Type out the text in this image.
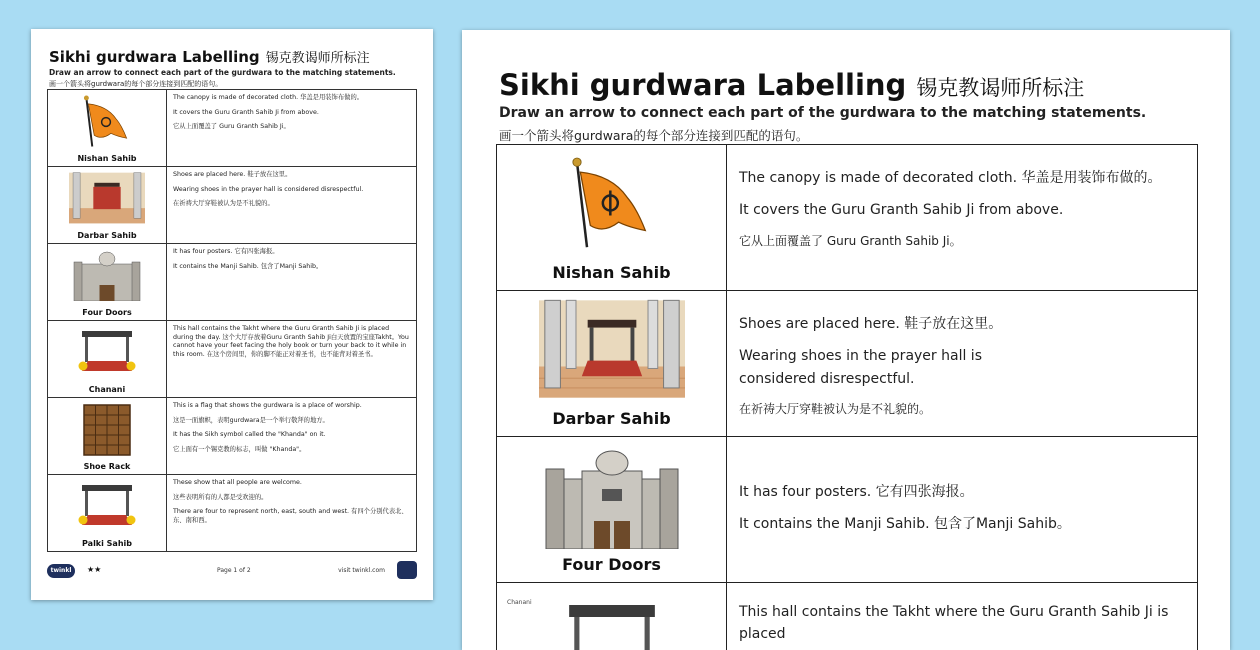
Sikhi gurdwara Labelling 锡克教谒师所标注
Draw an arrow to connect each part of the gurdwara to the matching statements.
画一个箭头将gurdwara的每个部分连接到匹配的语句。
Nishan Sahib	The canopy is made of decorated cloth. 华盖是用装饰布做的。

It covers the Guru Granth Sahib Ji from above.

它从上面覆盖了 Guru Granth Sahib Ji。

Darbar Sahib	Shoes are placed here. 鞋子放在这里。

Wearing shoes in the prayer hall is considered disrespectful.

在祈祷大厅穿鞋被认为是不礼貌的。

Four Doors	It has four posters. 它有四张海报。

It contains the Manji Sahib. 包含了Manji Sahib。

Chanani	This hall contains the Takht where the Guru Granth Sahib Ji is placed during the day. 这个大厅存放着Guru Granth Sahib Ji白天放置的宝座Takht。You cannot have your feet facing the holy book or turn your back to it while in this room. 在这个房间里，你的脚不能正对着圣书，也不能背对着圣书。

Shoe Rack	This is a flag that shows the gurdwara is a place of worship.

这是一面旗帜，表明gurdwara是一个举行敬拜的地方。

It has the Sikh symbol called the "Khanda" on it.

它上面有一个锡克教的标志，叫做 "Khanda"。

Palki Sahib	These show that all people are welcome.

这些表明所有的人都是受欢迎的。

There are four to represent north, east, south and west. 有四个分别代表北、东、南和西。

twinkl	★★	Page 1 of 2	visit twinkl.com
Sikhi gurdwara Labelling 锡克教谒师所标注
Draw an arrow to connect each part of the gurdwara to the matching statements.
画一个箭头将gurdwara的每个部分连接到匹配的语句。
Nishan Sahib	The canopy is made of decorated cloth. 华盖是用装饰布做的。

It covers the Guru Granth Sahib Ji from above.

它从上面覆盖了 Guru Granth Sahib Ji。

Darbar Sahib	Shoes are placed here. 鞋子放在这里。

Wearing shoes in the prayer hall is considered disrespectful.

在祈祷大厅穿鞋被认为是不礼貌的。

Four Doors	It has four posters. 它有四张海报。

It contains the Manji Sahib. 包含了Manji Sahib。

Chanani	This hall contains the Takht where the Guru Granth Sahib Ji is placed
